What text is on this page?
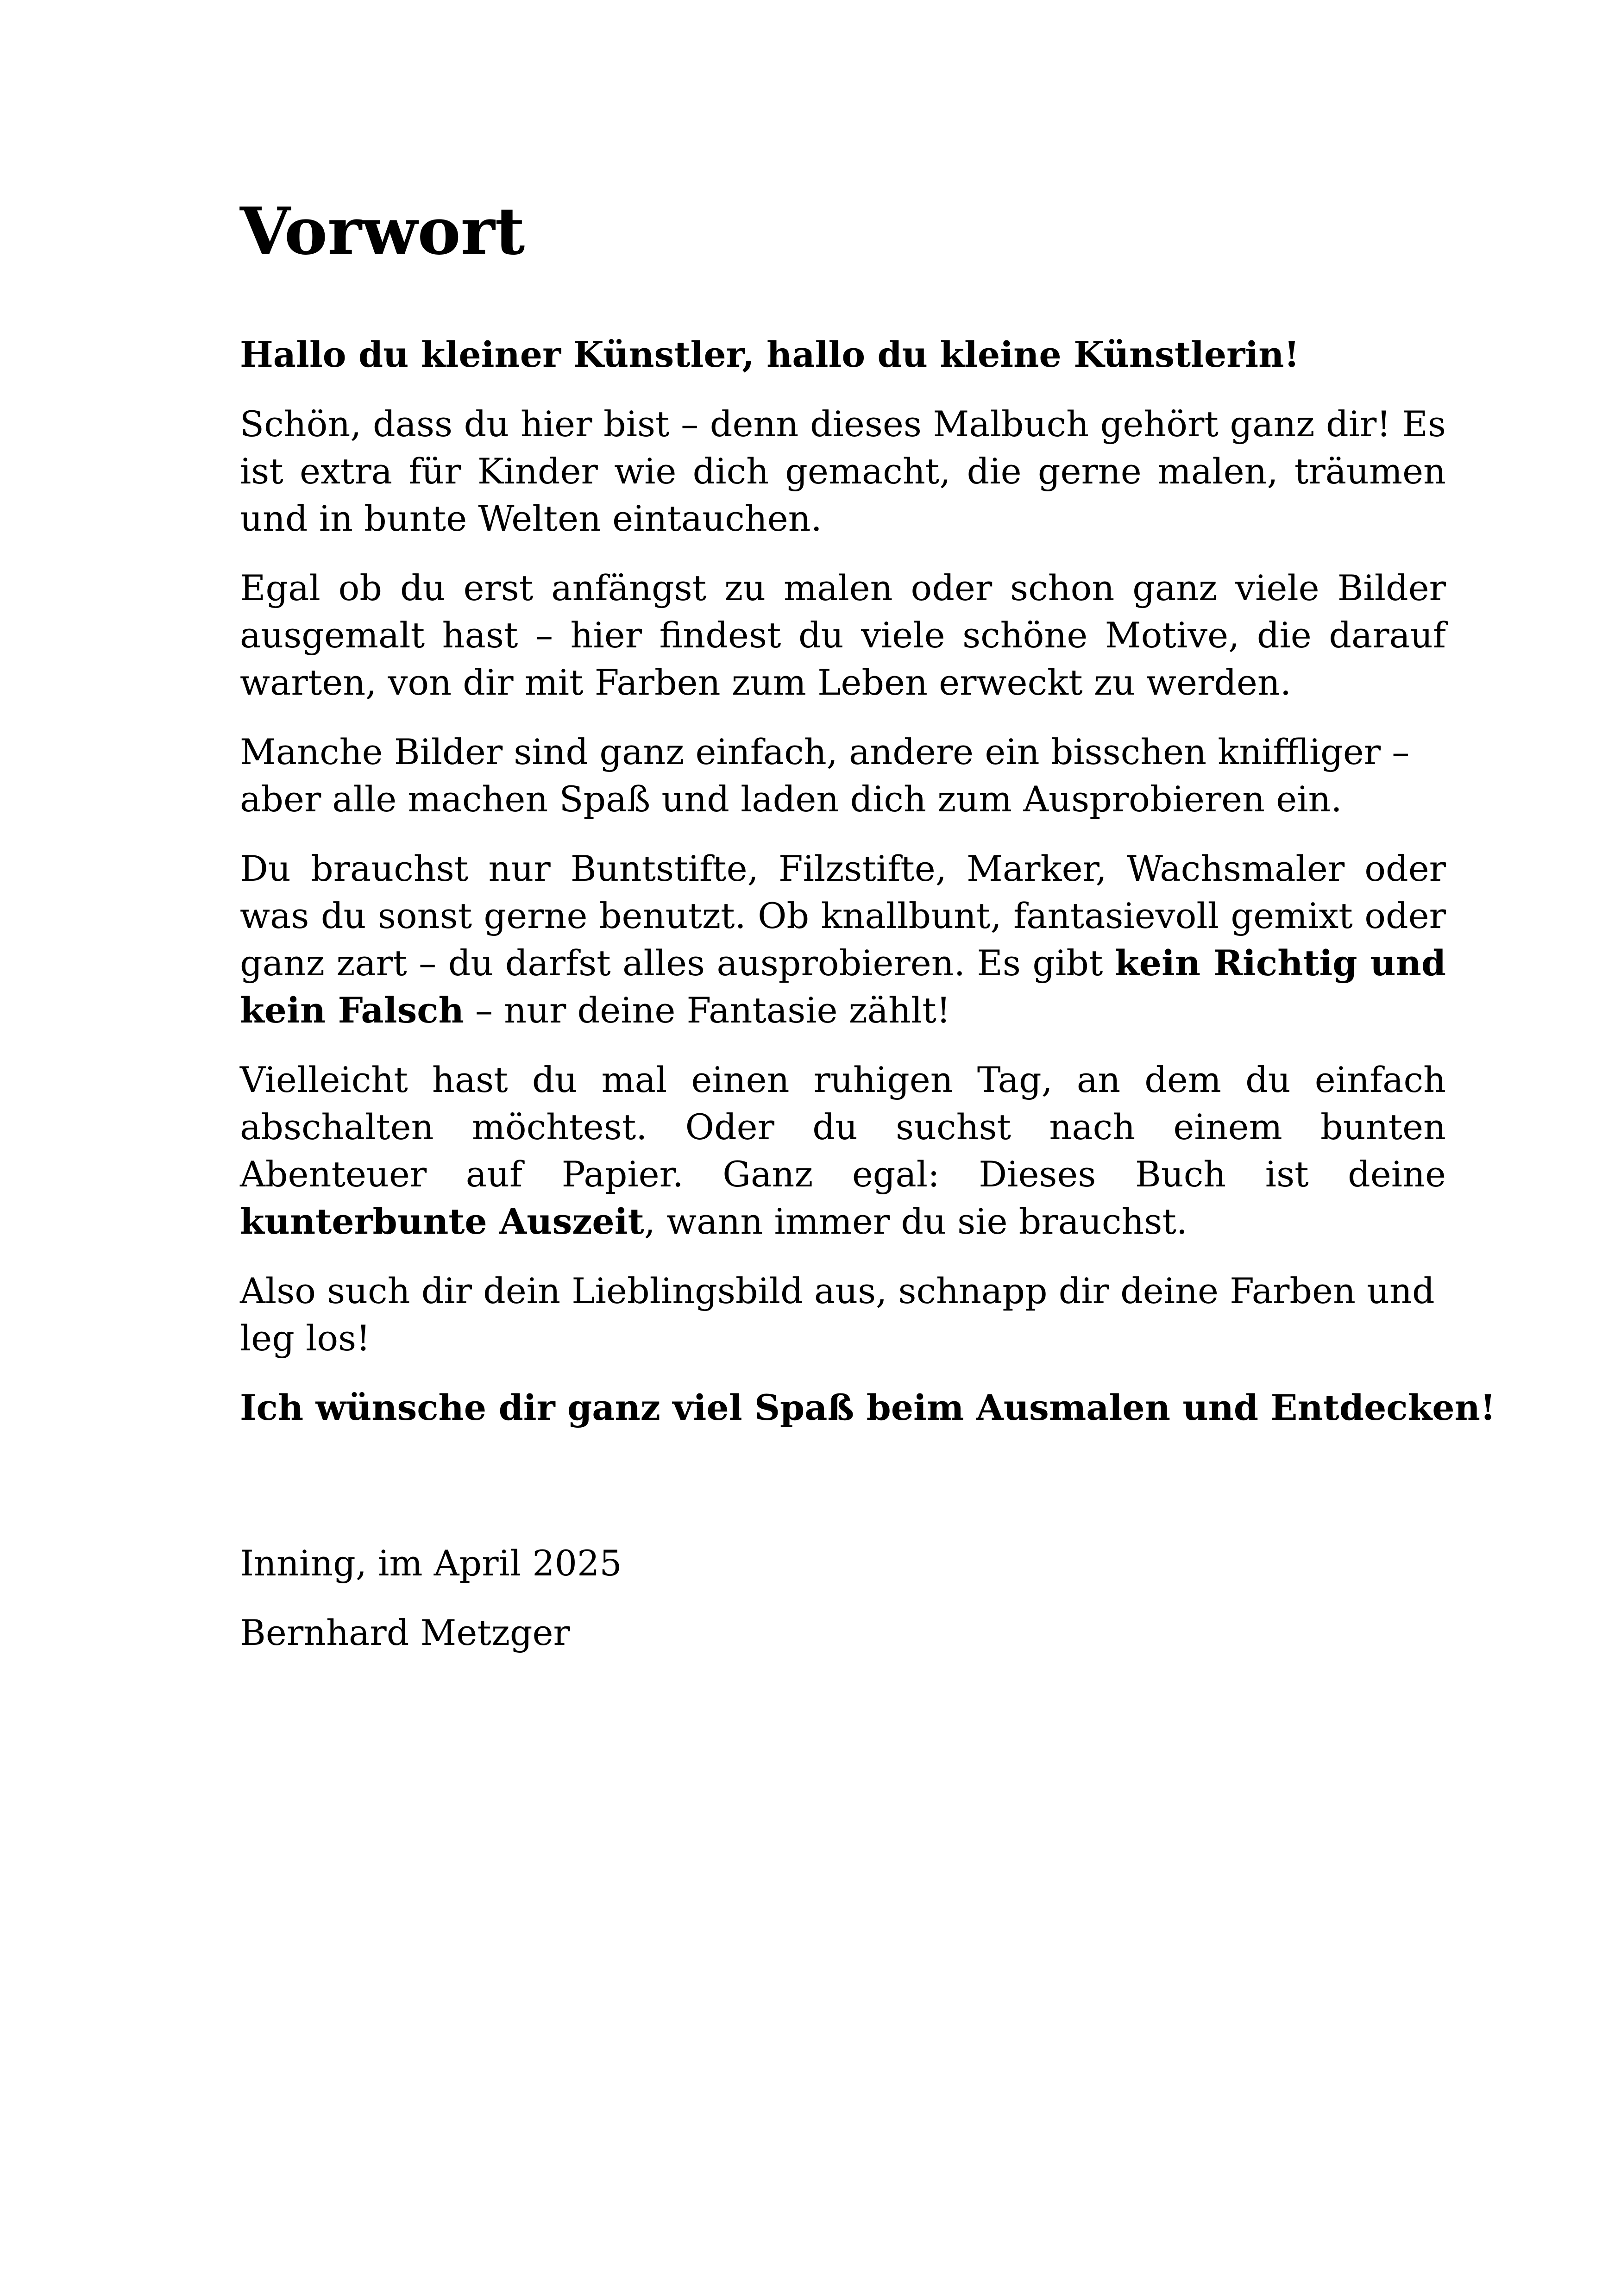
Vorwort

Hallo du kleiner Künstler, hallo du kleine Künstlerin!

Schön, dass du hier bist – denn dieses Malbuch gehört ganz dir! Es ist extra für Kinder wie dich gemacht, die gerne malen, träumen und in bunte Welten eintauchen.

Egal ob du erst anfängst zu malen oder schon ganz viele Bilder ausgemalt hast – hier findest du viele schöne Motive, die darauf warten, von dir mit Farben zum Leben erweckt zu werden.

Manche Bilder sind ganz einfach, andere ein bisschen kniffliger – aber alle machen Spaß und laden dich zum Ausprobieren ein.

Du brauchst nur Buntstifte, Filzstifte, Marker, Wachsmaler oder was du sonst gerne benutzt. Ob knallbunt, fantasievoll gemixt oder ganz zart – du darfst alles ausprobieren. Es gibt kein Richtig und kein Falsch – nur deine Fantasie zählt!

Vielleicht hast du mal einen ruhigen Tag, an dem du einfach abschalten möchtest. Oder du suchst nach einem bunten Abenteuer auf Papier. Ganz egal: Dieses Buch ist deine kunterbunte Auszeit, wann immer du sie brauchst.

Also such dir dein Lieblingsbild aus, schnapp dir deine Farben und leg los!

Ich wünsche dir ganz viel Spaß beim Ausmalen und Entdecken!

Inning, im April 2025
Bernhard Metzger
